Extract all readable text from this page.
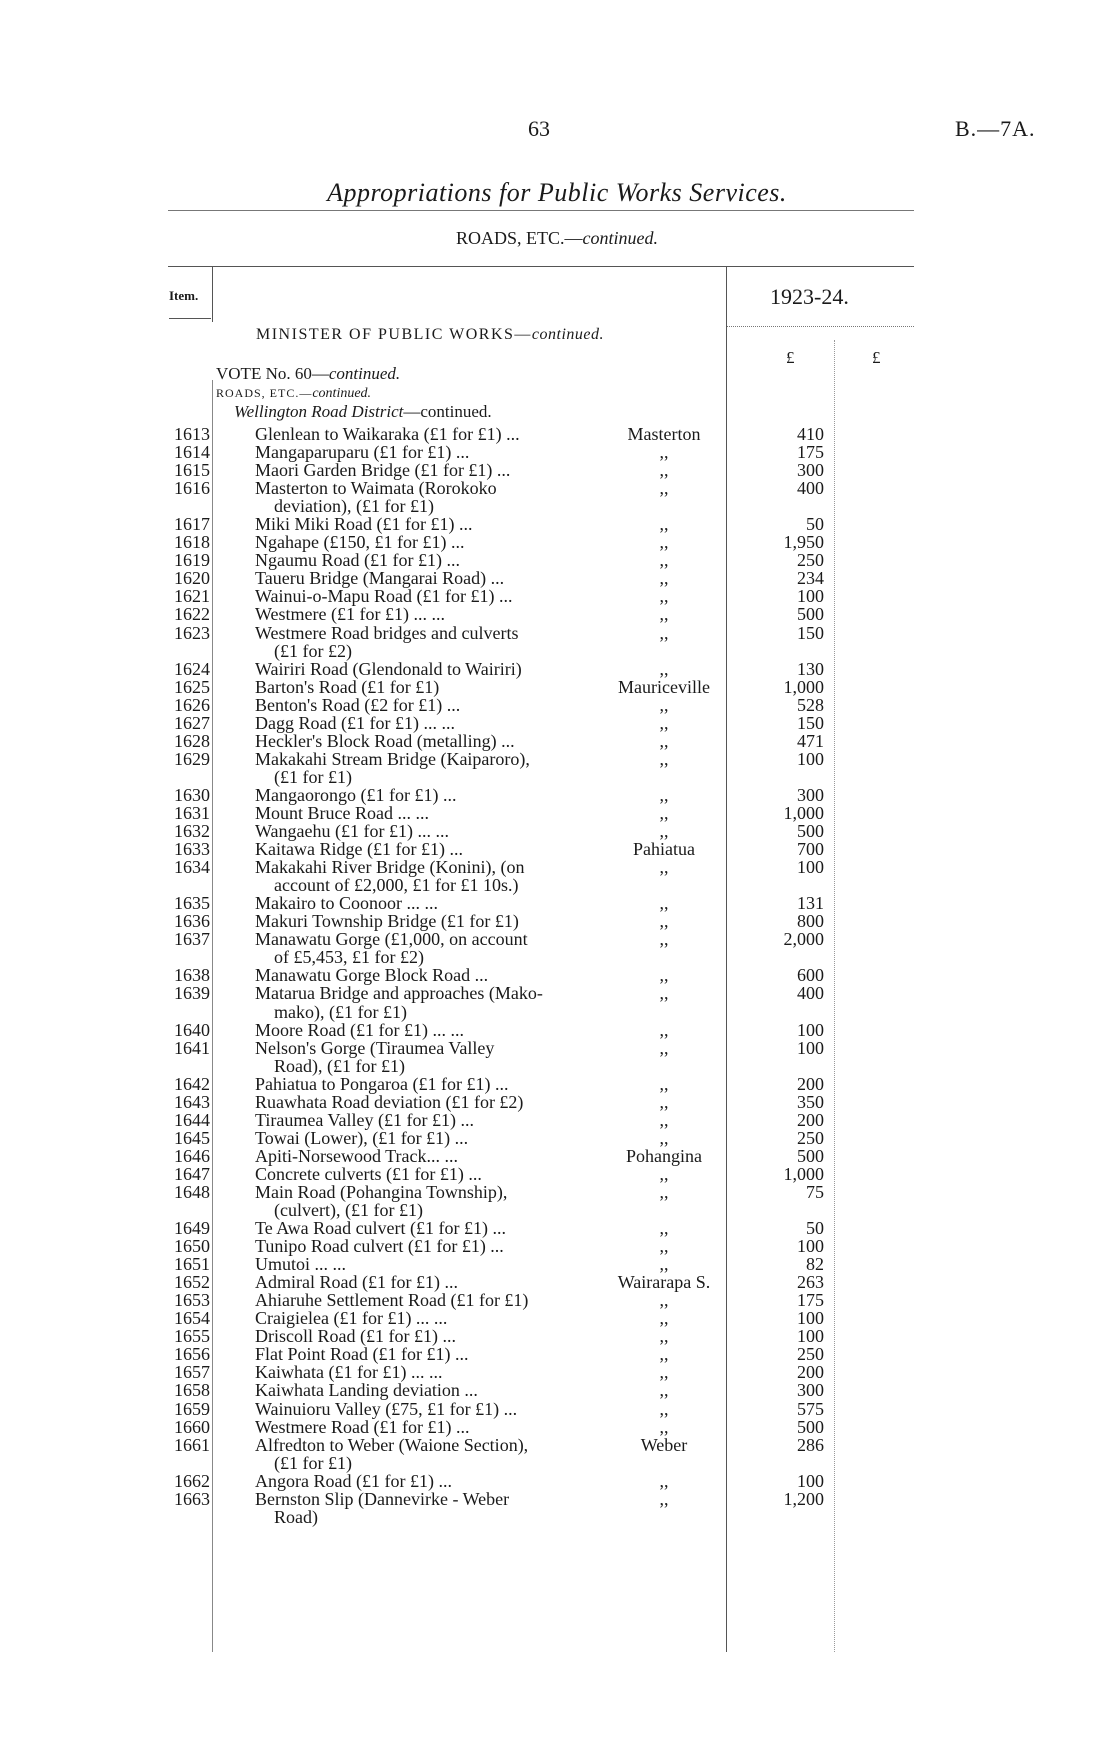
63	B.—7A.
Appropriations for Public Works Services.
ROADS, ETC.—continued.
Item.	1923-24.
£	£
MINISTER OF PUBLIC WORKS—continued.
VOTE No. 60—continued.
ROADS, ETC.—continued.
Wellington Road District—continued.
1613	Glenlean to Waikaraka (£1 for £1) ...	Masterton	410
1614	Mangaparuparu (£1 for £1) ...	,,	175
1615	Maori Garden Bridge (£1 for £1) ...	,,	300
1616	Masterton to Waimata (Rorokoko	,,	400
deviation), (£1 for £1)
1617	Miki Miki Road (£1 for £1) ...	,,	50
1618	Ngahape (£150, £1 for £1) ...	,,	1,950
1619	Ngaumu Road (£1 for £1) ...	,,	250
1620	Taueru Bridge (Mangarai Road) ...	,,	234
1621	Wainui-o-Mapu Road (£1 for £1) ...	,,	100
1622	Westmere (£1 for £1) ... ...	,,	500
1623	Westmere Road bridges and culverts	,,	150
(£1 for £2)
1624	Wairiri Road (Glendonald to Wairiri)	,,	130
1625	Barton's Road (£1 for £1)	Mauriceville	1,000
1626	Benton's Road (£2 for £1) ...	,,	528
1627	Dagg Road (£1 for £1) ... ...	,,	150
1628	Heckler's Block Road (metalling) ...	,,	471
1629	Makakahi Stream Bridge (Kaiparoro),	,,	100
(£1 for £1)
1630	Mangaorongo (£1 for £1) ...	,,	300
1631	Mount Bruce Road ... ...	,,	1,000
1632	Wangaehu (£1 for £1) ... ...	,,	500
1633	Kaitawa Ridge (£1 for £1) ...	Pahiatua	700
1634	Makakahi River Bridge (Konini), (on	,,	100
account of £2,000, £1 for £1 10s.)
1635	Makairo to Coonoor ... ...	,,	131
1636	Makuri Township Bridge (£1 for £1)	,,	800
1637	Manawatu Gorge (£1,000, on account	,,	2,000
of £5,453, £1 for £2)
1638	Manawatu Gorge Block Road ...	,,	600
1639	Matarua Bridge and approaches (Mako-	,,	400
mako), (£1 for £1)
1640	Moore Road (£1 for £1) ... ...	,,	100
1641	Nelson's Gorge (Tiraumea Valley	,,	100
Road), (£1 for £1)
1642	Pahiatua to Pongaroa (£1 for £1) ...	,,	200
1643	Ruawhata Road deviation (£1 for £2)	,,	350
1644	Tiraumea Valley (£1 for £1) ...	,,	200
1645	Towai (Lower), (£1 for £1) ...	,,	250
1646	Apiti-Norsewood Track... ...	Pohangina	500
1647	Concrete culverts (£1 for £1) ...	,,	1,000
1648	Main Road (Pohangina Township),	,,	75
(culvert), (£1 for £1)
1649	Te Awa Road culvert (£1 for £1) ...	,,	50
1650	Tunipo Road culvert (£1 for £1) ...	,,	100
1651	Umutoi ... ...	,,	82
1652	Admiral Road (£1 for £1) ...	Wairarapa S.	263
1653	Ahiaruhe Settlement Road (£1 for £1)	,,	175
1654	Craigielea (£1 for £1) ... ...	,,	100
1655	Driscoll Road (£1 for £1) ...	,,	100
1656	Flat Point Road (£1 for £1) ...	,,	250
1657	Kaiwhata (£1 for £1) ... ...	,,	200
1658	Kaiwhata Landing deviation ...	,,	300
1659	Wainuioru Valley (£75, £1 for £1) ...	,,	575
1660	Westmere Road (£1 for £1) ...	,,	500
1661	Alfredton to Weber (Waione Section),	Weber	286
(£1 for £1)
1662	Angora Road (£1 for £1) ...	,,	100
1663	Bernston Slip (Dannevirke - Weber	,,	1,200
Road)
